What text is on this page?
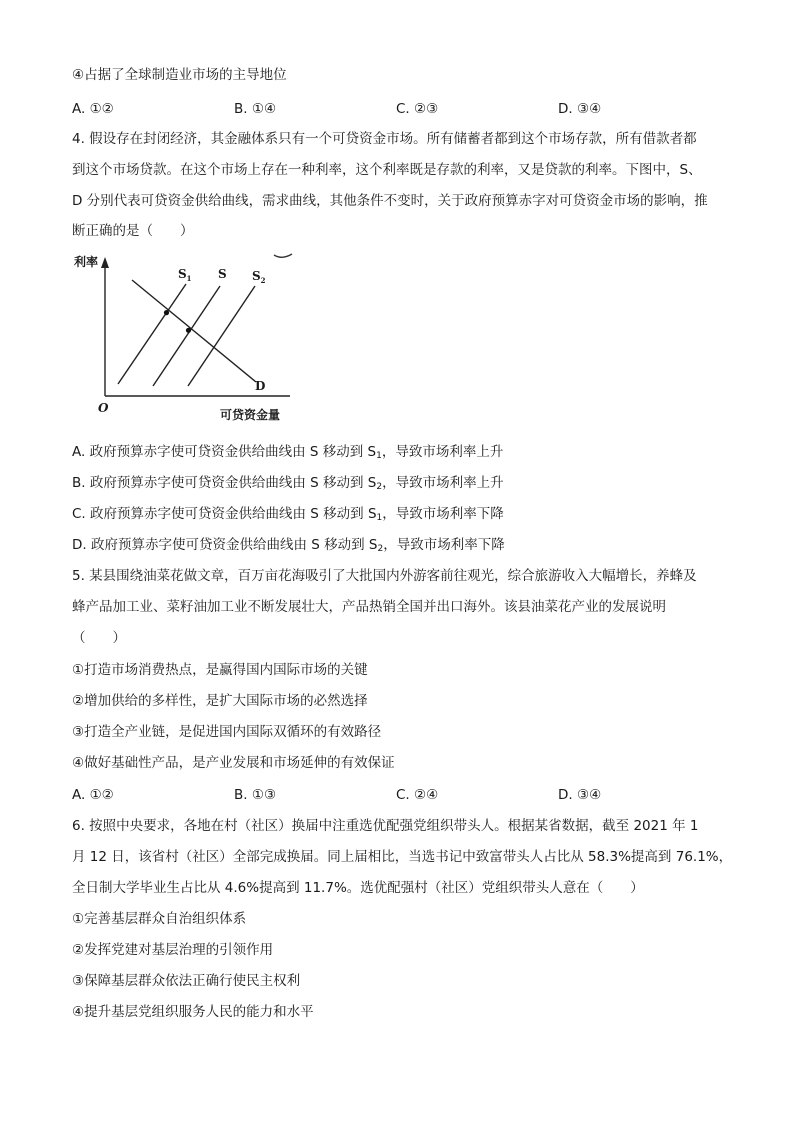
④占据了全球制造业市场的主导地位
A. ①②	B. ①④	C. ②③	D. ③④
4. 假设存在封闭经济，其金融体系只有一个可贷资金市场。所有储蓄者都到这个市场存款，所有借款者都
到这个市场贷款。在这个市场上存在一种利率，这个利率既是存款的利率，又是贷款的利率。下图中，S、
D 分别代表可贷资金供给曲线，需求曲线，其他条件不变时，关于政府预算赤字对可贷资金市场的影响，推
断正确的是（　　）
利率
O	可贷资金量
$S_1$ S $S_2$
D
A. 政府预算赤字使可贷资金供给曲线由 S 移动到 $S_1$，导致市场利率上升
B. 政府预算赤字使可贷资金供给曲线由 S 移动到 $S_2$，导致市场利率上升
C. 政府预算赤字使可贷资金供给曲线由 S 移动到 $S_1$，导致市场利率下降
D. 政府预算赤字使可贷资金供给曲线由 S 移动到 $S_2$，导致市场利率下降
5. 某县围绕油菜花做文章，百万亩花海吸引了大批国内外游客前往观光，综合旅游收入大幅增长，养蜂及
蜂产品加工业、菜籽油加工业不断发展壮大，产品热销全国并出口海外。该县油菜花产业的发展说明
（　　）
①打造市场消费热点，是赢得国内国际市场的关键
②增加供给的多样性，是扩大国际市场的必然选择
③打造全产业链，是促进国内国际双循环的有效路径
④做好基础性产品，是产业发展和市场延伸的有效保证
A. ①②	B. ①③	C. ②④	D. ③④
6. 按照中央要求，各地在村（社区）换届中注重选优配强党组织带头人。根据某省数据，截至 2021 年 1
月 12 日，该省村（社区）全部完成换届。同上届相比，当选书记中致富带头人占比从 58.3%提高到 76.1%，
全日制大学毕业生占比从 4.6%提高到 11.7%。选优配强村（社区）党组织带头人意在（　　）
①完善基层群众自治组织体系
②发挥党建对基层治理的引领作用
③保障基层群众依法正确行使民主权利
④提升基层党组织服务人民的能力和水平
